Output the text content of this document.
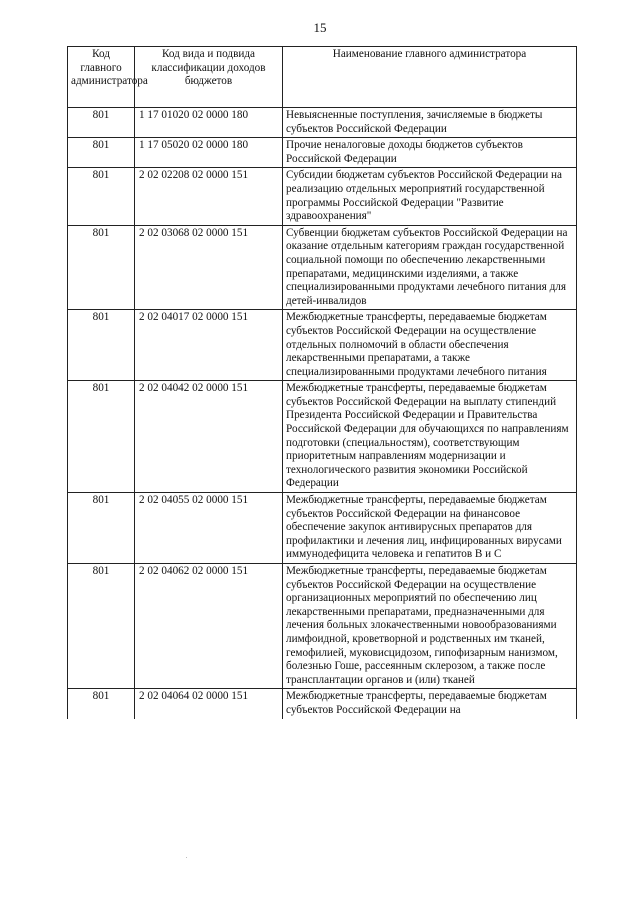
15
Код главного администратора	Код вида и подвида классификации доходов бюджетов	Наименование главного администратора
801	1 17 01020 02 0000 180	Невыясненные поступления, зачисляемые в бюджеты субъектов Российской Федерации
801	1 17 05020 02 0000 180	Прочие неналоговые доходы бюджетов субъектов Российской Федерации
801	2 02 02208 02 0000 151	Субсидии бюджетам субъектов Российской Федерации на реализацию отдельных мероприятий государственной программы Российской Федерации "Развитие здравоохранения"
801	2 02 03068 02 0000 151	Субвенции бюджетам субъектов Российской Федерации на оказание отдельным категориям граждан государственной социальной помощи по обеспечению лекарственными препаратами, медицинскими изделиями, а также специализированными продуктами лечебного питания для детей-инвалидов
801	2 02 04017 02 0000 151	Межбюджетные трансферты, передаваемые бюджетам субъектов Российской Федерации на осуществление отдельных полномочий в области обеспечения лекарственными препаратами, а также специализированными продуктами лечебного питания
801	2 02 04042 02 0000 151	Межбюджетные трансферты, передаваемые бюджетам субъектов Российской Федерации на выплату стипендий Президента Российской Федерации и Правительства Российской Федерации для обучающихся по направлениям подготовки (специальностям), соответствующим приоритетным направлениям модернизации и технологического развития экономики Российской Федерации
801	2 02 04055 02 0000 151	Межбюджетные трансферты, передаваемые бюджетам субъектов Российской Федерации на финансовое обеспечение закупок антивирусных препаратов для профилактики и лечения лиц, инфицированных вирусами иммунодефицита человека и гепатитов В и С
801	2 02 04062 02 0000 151	Межбюджетные трансферты, передаваемые бюджетам субъектов Российской Федерации на осуществление организационных мероприятий по обеспечению лиц лекарственными препаратами, предназначенными для лечения больных злокачественными новообразованиями лимфоидной, кроветворной и родственных им тканей, гемофилией, муковисцидозом, гипофизарным нанизмом, болезнью Гоше, рассеянным склерозом, а также после трансплантации органов и (или) тканей
801	2 02 04064 02 0000 151	Межбюджетные трансферты, передаваемые бюджетам субъектов Российской Федерации на
